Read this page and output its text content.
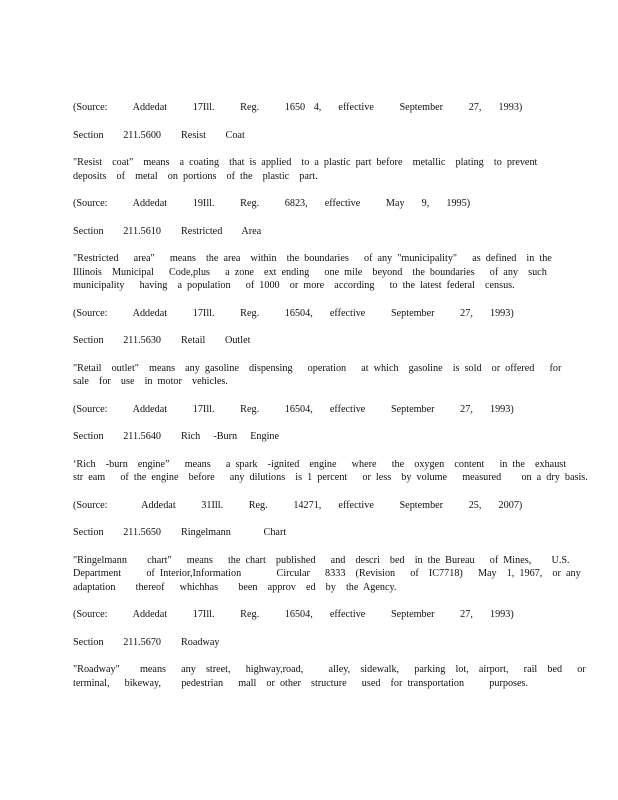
(Source:   Addedat   17Ill.   Reg.   1650 4,  effective   September   27,  1993)
Section   211.5600 Resist   Coat
"Resist  coat"  means  a coating  that is applied  to a plastic part before  metallic  plating  to prevent
deposits  of  metal  on portions  of the  plastic  part.
(Source:   Addedat   19Ill.   Reg.   6823,  effective   May  9,  1995)
Section   211.5610 Restricted   Area
"Restricted   area"   means  the area  within  the boundaries   of any "municipality"   as defined  in the
Illinois  Municipal   Code,plus   a zone  ext ending   one mile  beyond  the boundaries   of any  such
municipality   having  a population   of 1000  or more  according   to the latest federal  census.
(Source:   Addedat   17Ill.   Reg.   16504,  effective   September   27,  1993)
Section   211.5630 Retail   Outlet
"Retail  outlet"  means  any gasoline  dispensing   operation   at which  gasoline  is sold  or offered   for
sale  for  use  in motor  vehicles.
(Source:   Addedat   17Ill.   Reg.   16504,  effective   September   27,  1993)
Section   211.5640 Rich  -Burn  Engine
‘Rich  -burn  engine”   means   a spark  -ignited  engine   where   the  oxygen  content   in the  exhaust
str eam   of the engine  before   any dilutions  is 1 percent   or less  by volume   measured    on a dry basis.
(Source:    Addedat   31Ill.   Reg.   14271,  effective   September   25,  2007)
Section   211.5650 Ringelmann     Chart
"Ringelmann    chart"   means   the chart  published   and  descri  bed  in the Bureau   of Mines,    U.S.
Department     of Interior,Information       Circular   8333  (Revision   of  IC7718)   May  1, 1967,  or any
adaptation    thereof   whichhas    been  approv  ed  by  the Agency.
(Source:   Addedat   17Ill.   Reg.   16504,  effective   September   27,  1993)
Section   211.5670 Roadway
"Roadway"    means   any  street,   highway,road,     alley,  sidewalk,   parking  lot,  airport,   rail  bed   or
terminal,   bikeway,    pedestrian   mall  or other  structure   used  for transportation     purposes.
